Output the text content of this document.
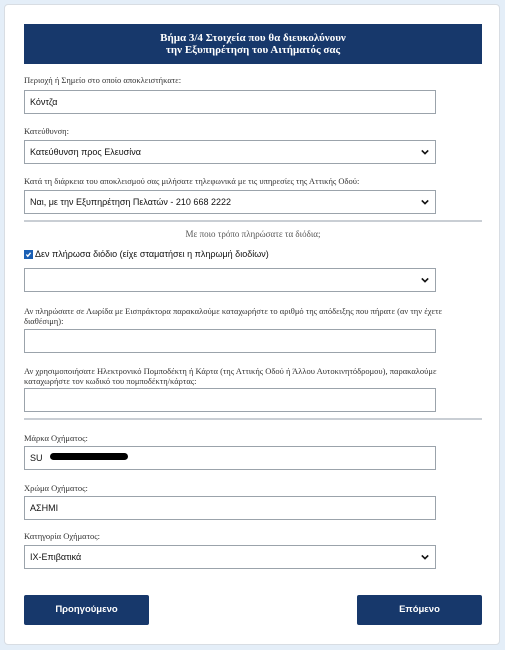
Βήμα 3/4 Στοιχεία που θα διευκολύνουν
την Εξυπηρέτηση του Αιτήματός σας
Περιοχή ή Σημείο στο οποίο αποκλειστήκατε:
Κόντζα
Κατεύθυνση:
Κατεύθυνση προς Ελευσίνα
Κατά τη διάρκεια του αποκλεισμού σας μιλήσατε τηλεφωνικά με τις υπηρεσίες της Αττικής Οδού:
Ναι, με την Εξυπηρέτηση Πελατών - 210 668 2222
Με ποιο τρόπο πληρώσατε τα διόδια;
Δεν πλήρωσα διόδιο (είχε σταματήσει η πληρωμή διοδίων)
Αν πληρώσατε σε Λωρίδα με Εισπράκτορα παρακαλούμε καταχωρήστε το αριθμό της απόδειξης που πήρατε (αν την έχετε διαθέσιμη):
Αν χρησιμοποιήσατε Ηλεκτρονικό Πομποδέκτη ή Κάρτα (της Αττικής Οδού ή Άλλου Αυτοκινητόδρομου), παρακαλούμε καταχωρήστε τον κωδικό του πομποδέκτη/κάρτας:
Μάρκα Οχήματος:
SU
Χρώμα Οχήματος:
ΑΣΗΜΙ
Κατηγορία Οχήματος:
ΙΧ-Επιβατικά
Προηγούμενο	Επόμενο
